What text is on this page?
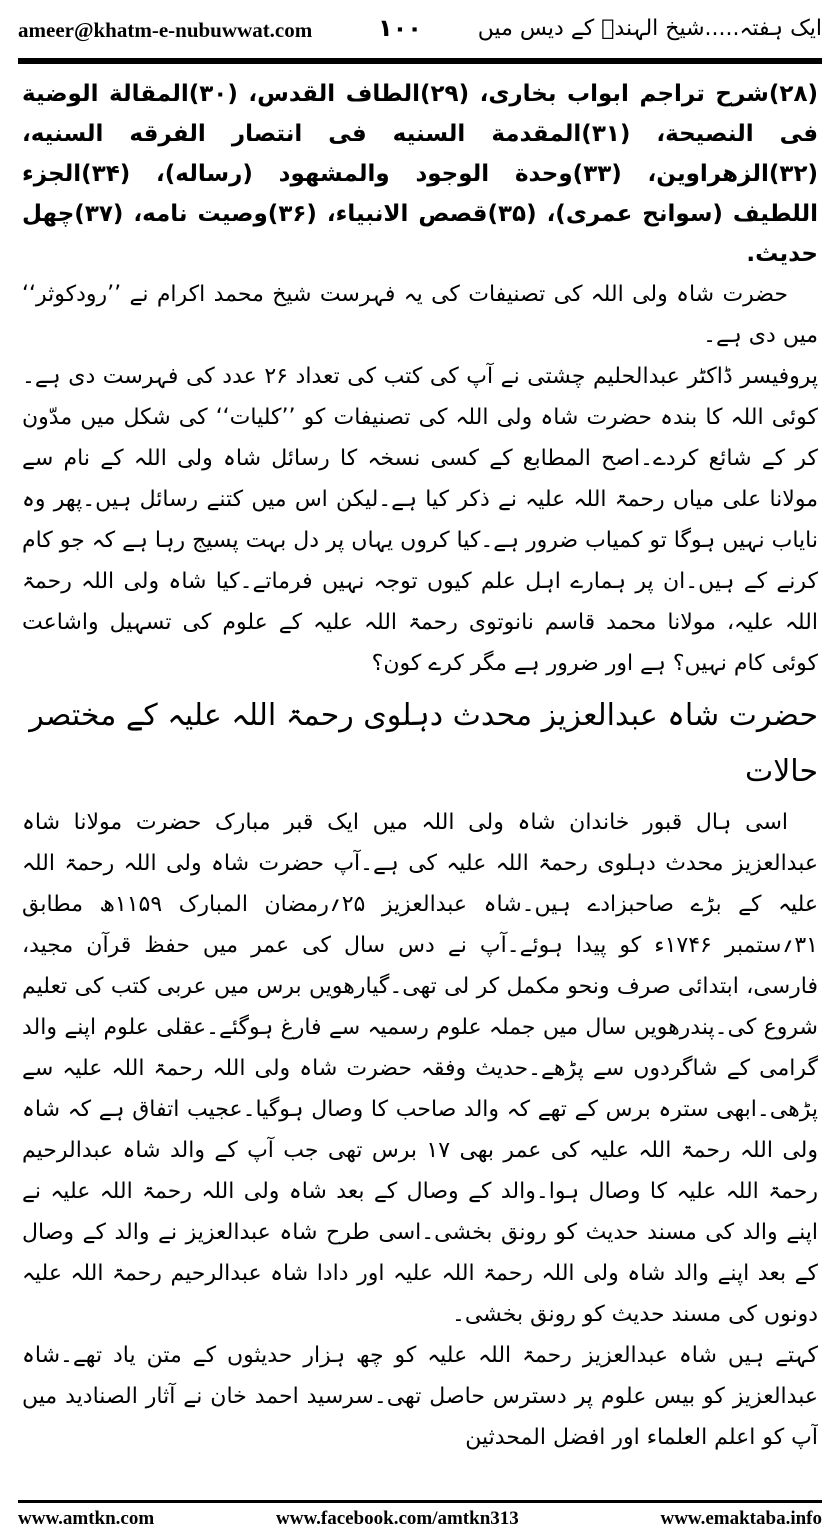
ameer@khatm-e-nubuwwat.com	۱۰۰	ایک ہفتہ.....شیخ الہندؒ کے دیس میں

(۲۸)شرح تراجم ابواب بخاری، (۲۹)الطاف القدس، (۳۰)المقالة الوضية فی النصیحة، (۳۱)المقدمة السنیه فی انتصار الفرقه السنیه، (۳۲)الزھراوین، (۳۳)وحدة الوجود والمشهود (رساله)، (۳۴)الجزء اللطیف (سوانح عمری)، (۳۵)قصص الانبیاء، (۳۶)وصیت نامه، (۳۷)چهل حدیث.

حضرت شاہ ولی اللہ کی تصنیفات کی یہ فہرست شیخ محمد اکرام نے ’’رودکوثر‘‘ میں دی ہے۔

پروفیسر ڈاکٹر عبدالحلیم چشتی نے آپ کی کتب کی تعداد ۲۶ عدد کی فہرست دی ہے۔کوئی اللہ کا بندہ حضرت شاہ ولی اللہ کی تصنیفات کو ’’کلیات‘‘ کی شکل میں مدّون کر کے شائع کردے۔اصح المطابع کے کسی نسخہ کا رسائل شاہ ولی اللہ کے نام سے مولانا علی میاں رحمۃ اللہ علیہ نے ذکر کیا ہے۔لیکن اس میں کتنے رسائل ہیں۔پھر وہ نایاب نہیں ہوگا تو کمیاب ضرور ہے۔کیا کروں یہاں پر دل بہت پسیج رہا ہے کہ جو کام کرنے کے ہیں۔ان پر ہمارے اہل علم کیوں توجہ نہیں فرماتے۔کیا شاہ ولی اللہ رحمۃ اللہ علیہ، مولانا محمد قاسم نانوتوی رحمۃ اللہ علیہ کے علوم کی تسہیل واشاعت کوئی کام نہیں؟ ہے اور ضرور ہے مگر کرے کون؟

حضرت شاہ عبدالعزیز محدث دہلوی رحمۃ اللہ علیہ کے مختصر حالات

اسی ہال قبور خاندان شاہ ولی اللہ میں ایک قبر مبارک حضرت مولانا شاہ عبدالعزیز محدث دہلوی رحمۃ اللہ علیہ کی ہے۔آپ حضرت شاہ ولی اللہ رحمۃ اللہ علیہ کے بڑے صاحبزادے ہیں۔شاہ عبدالعزیز ۲۵؍رمضان المبارک ۱۱۵۹ھ مطابق ۳۱؍ستمبر ۱۷۴۶ء کو پیدا ہوئے۔آپ نے دس سال کی عمر میں حفظ قرآن مجید، فارسی، ابتدائی صرف ونحو مکمل کر لی تھی۔گیارھویں برس میں عربی کتب کی تعلیم شروع کی۔پندرھویں سال میں جملہ علوم رسمیہ سے فارغ ہوگئے۔عقلی علوم اپنے والد گرامی کے شاگردوں سے پڑھے۔حدیث وفقہ حضرت شاہ ولی اللہ رحمۃ اللہ علیہ سے پڑھی۔ابھی سترہ برس کے تھے کہ والد صاحب کا وصال ہوگیا۔عجیب اتفاق ہے کہ شاہ ولی اللہ رحمۃ اللہ علیہ کی عمر بھی ۱۷ برس تھی جب آپ کے والد شاہ عبدالرحیم رحمۃ اللہ علیہ کا وصال ہوا۔والد کے وصال کے بعد شاہ ولی اللہ رحمۃ اللہ علیہ نے اپنے والد کی مسند حدیث کو رونق بخشی۔اسی طرح شاہ عبدالعزیز نے والد کے وصال کے بعد اپنے والد شاہ ولی اللہ رحمۃ اللہ علیہ اور دادا شاہ عبدالرحیم رحمۃ اللہ علیہ دونوں کی مسند حدیث کو رونق بخشی۔

کہتے ہیں شاہ عبدالعزیز رحمۃ اللہ علیہ کو چھ ہزار حدیثوں کے متن یاد تھے۔شاہ عبدالعزیز کو بیس علوم پر دسترس حاصل تھی۔سرسید احمد خان نے آثار الصنادید میں آپ کو اعلم العلماء اور افضل المحدثین

www.amtkn.com	www.facebook.com/amtkn313	www.emaktaba.info
